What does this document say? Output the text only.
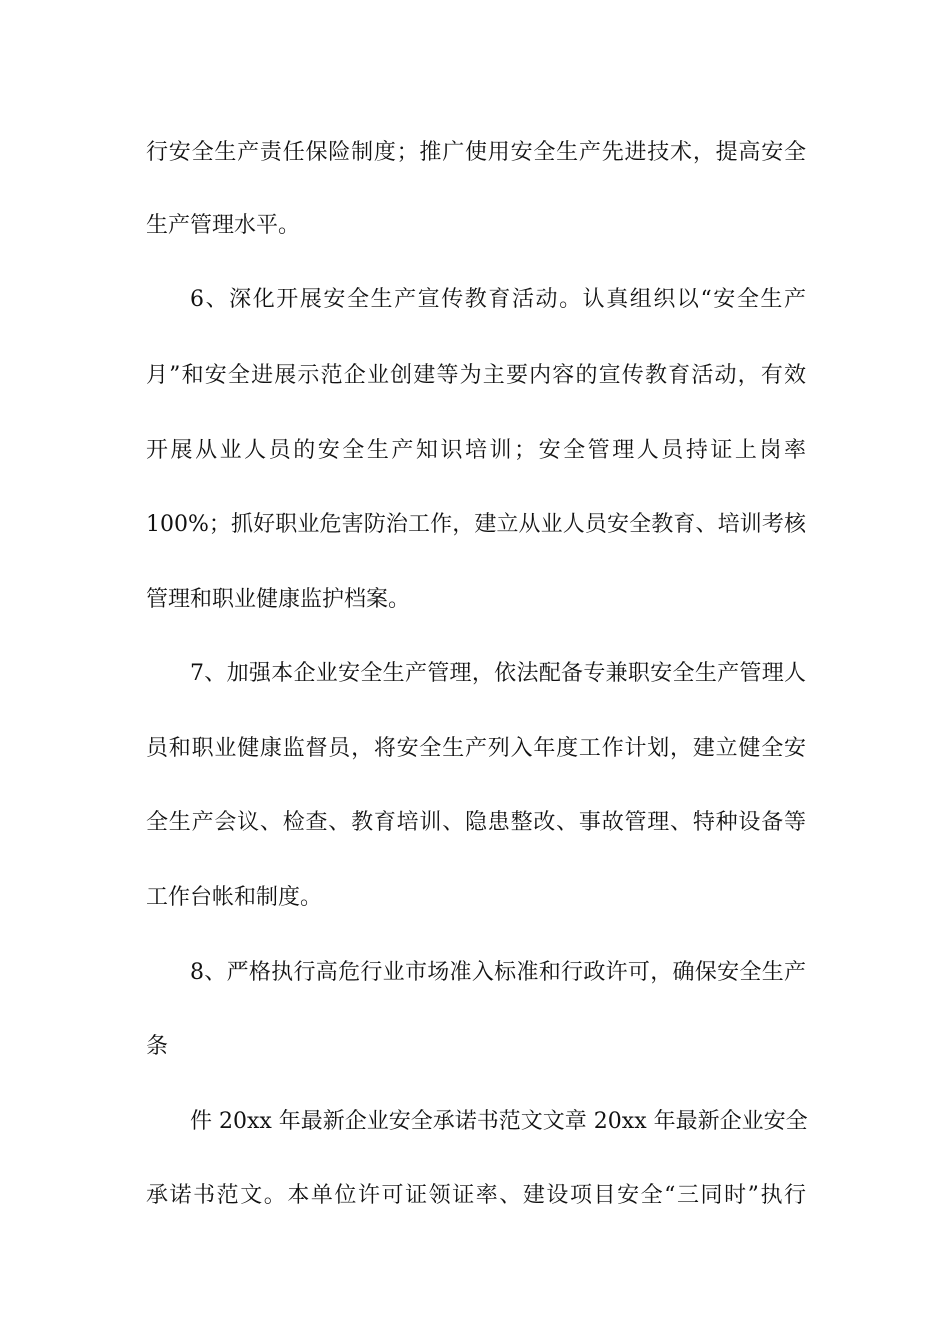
行安全生产责任保险制度；推广使用安全生产先进技术，提高安全
生产管理水平。
6、深化开展安全生产宣传教育活动。认真组织以“安全生产
月”和安全进展示范企业创建等为主要内容的宣传教育活动，有效
开展从业人员的安全生产知识培训；安全管理人员持证上岗率
100%；抓好职业危害防治工作，建立从业人员安全教育、培训考核
管理和职业健康监护档案。
7、加强本企业安全生产管理，依法配备专兼职安全生产管理人
员和职业健康监督员，将安全生产列入年度工作计划，建立健全安
全生产会议、检查、教育培训、隐患整改、事故管理、特种设备等
工作台帐和制度。
8、严格执行高危行业市场准入标准和行政许可，确保安全生产
条
件 20xx 年最新企业安全承诺书范文文章 20xx 年最新企业安全
承诺书范文。本单位许可证领证率、建设项目安全“三同时”执行
